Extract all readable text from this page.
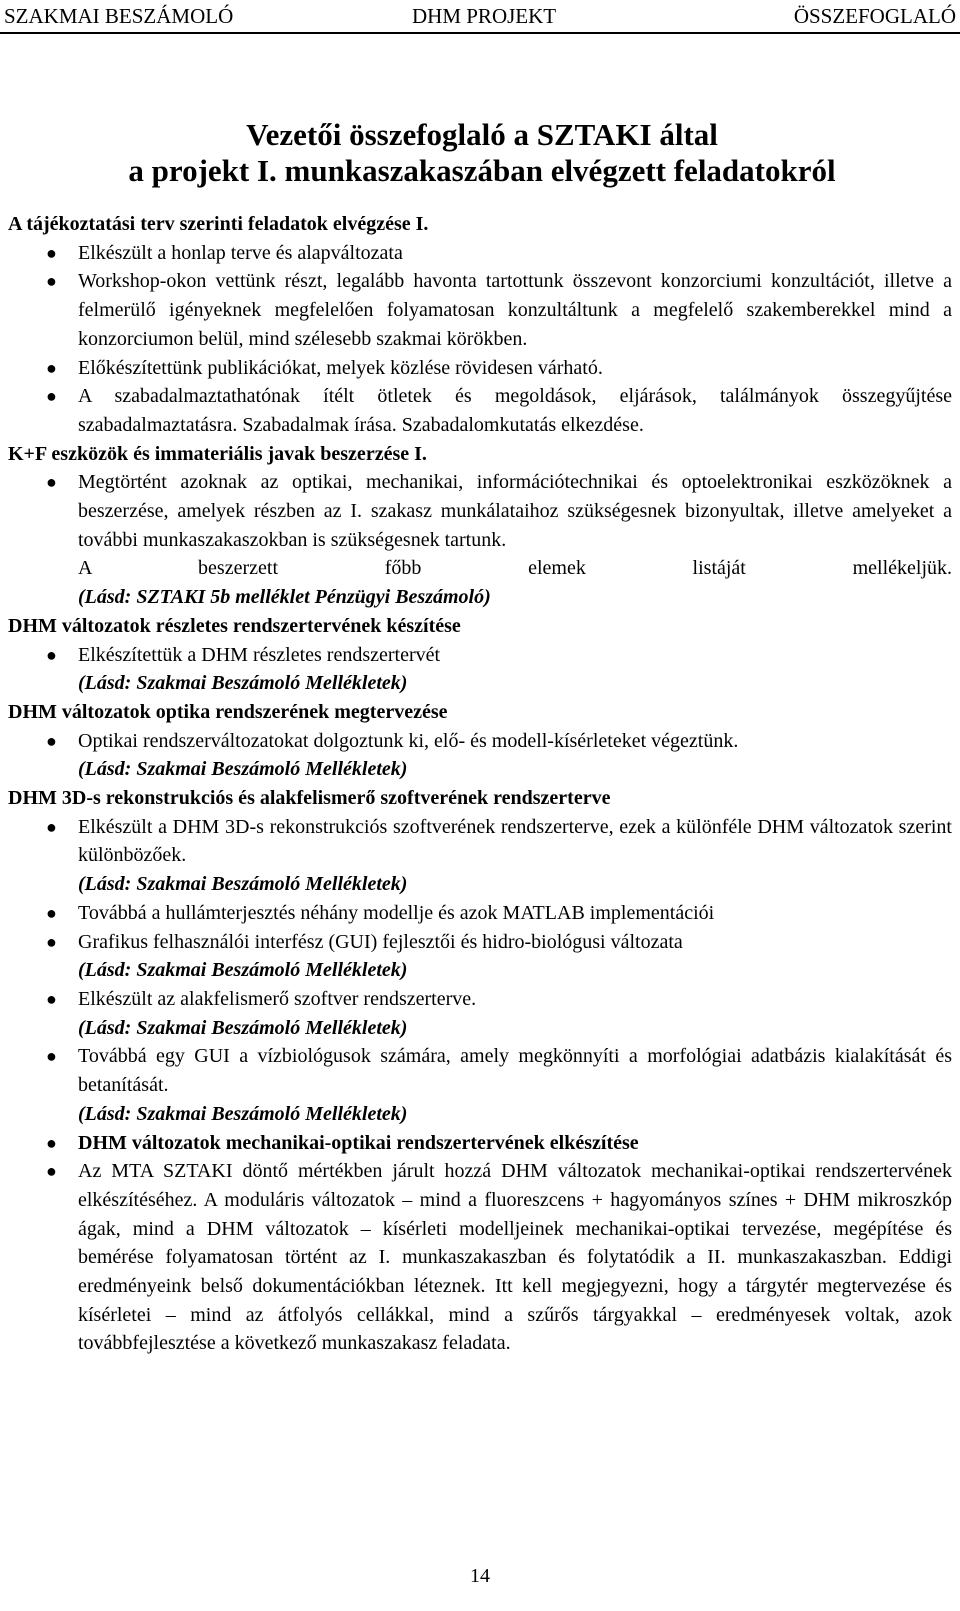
SZAKMAI BESZÁMOLÓ	DHM PROJEKT	ÖSSZEFOGLALÓ
Vezetői összefoglaló a SZTAKI által
a projekt I. munkaszakaszában elvégzett feladatokról

A tájékoztatási terv szerinti feladatok elvégzése I.

● Elkészült a honlap terve és alapváltozata
● Workshop-okon vettünk részt, legalább havonta tartottunk összevont konzorciumi konzultációt, illetve a felmerülő igényeknek megfelelően folyamatosan konzultáltunk a megfelelő szakemberekkel mind a konzorciumon belül, mind szélesebb szakmai körökben.
● Előkészítettünk publikációkat, melyek közlése rövidesen várható.
● A szabadalmaztathatónak ítélt ötletek és megoldások, eljárások, találmányok összegyűjtése szabadalmaztatásra. Szabadalmak írása. Szabadalomkutatás elkezdése.

K+F eszközök és immateriális javak beszerzése I.

● Megtörtént azoknak az optikai, mechanikai, információtechnikai és optoelektronikai eszközöknek a beszerzése, amelyek részben az I. szakasz munkálataihoz szükségesnek bizonyultak, illetve amelyeket a további munkaszakaszokban is szükségesnek tartunk.
A beszerzett főbb elemek listáját mellékeljük.
(Lásd: SZTAKI 5b melléklet Pénzügyi Beszámoló)

DHM változatok részletes rendszertervének készítése

● Elkészítettük a DHM részletes rendszertervét
(Lásd: Szakmai Beszámoló Mellékletek)

DHM változatok optika rendszerének megtervezése

● Optikai rendszerváltozatokat dolgoztunk ki, elő- és modell-kísérleteket végeztünk.
(Lásd: Szakmai Beszámoló Mellékletek)

DHM 3D-s rekonstrukciós és alakfelismerő szoftverének rendszerterve

● Elkészült a DHM 3D-s rekonstrukciós szoftverének rendszerterve, ezek a különféle DHM változatok szerint különbözőek.
(Lásd: Szakmai Beszámoló Mellékletek)
● Továbbá a hullámterjesztés néhány modellje és azok MATLAB implementációi
● Grafikus felhasználói interfész (GUI) fejlesztői és hidro-biológusi változata
(Lásd: Szakmai Beszámoló Mellékletek)
● Elkészült az alakfelismerő szoftver rendszerterve.
(Lásd: Szakmai Beszámoló Mellékletek)
● Továbbá egy GUI a vízbiológusok számára, amely megkönnyíti a morfológiai adatbázis kialakítását és betanítását.
(Lásd: Szakmai Beszámoló Mellékletek)
● DHM változatok mechanikai-optikai rendszertervének elkészítése
● Az MTA SZTAKI döntő mértékben járult hozzá DHM változatok mechanikai-optikai rendszertervének elkészítéséhez. A moduláris változatok – mind a fluoreszcens + hagyományos színes + DHM mikroszkóp ágak, mind a DHM változatok – kísérleti modelljeinek mechanikai-optikai tervezése, megépítése és bemérése folyamatosan történt az I. munkaszakaszban és folytatódik a II. munkaszakaszban. Eddigi eredményeink belső dokumentációkban léteznek. Itt kell megjegyezni, hogy a tárgytér megtervezése és kísérletei – mind az átfolyós cellákkal, mind a szűrős tárgyakkal – eredményesek voltak, azok továbbfejlesztése a következő munkaszakasz feladata.
14
